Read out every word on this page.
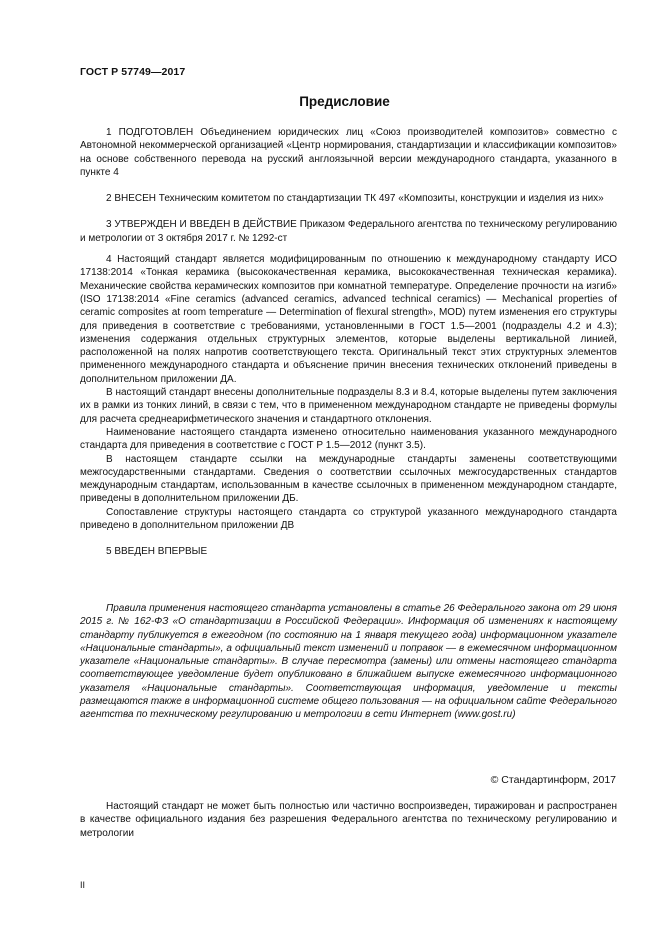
ГОСТ Р 57749—2017
Предисловие

1 ПОДГОТОВЛЕН Объединением юридических лиц «Союз производителей композитов» совместно с Автономной некоммерческой организацией «Центр нормирования, стандартизации и классификации композитов» на основе собственного перевода на русский англоязычной версии международного стандарта, указанного в пункте 4

2 ВНЕСЕН Техническим комитетом по стандартизации ТК 497 «Композиты, конструкции и изделия из них»

3 УТВЕРЖДЕН И ВВЕДЕН В ДЕЙСТВИЕ Приказом Федерального агентства по техническому регулированию и метрологии от 3 октября 2017 г. № 1292-ст

4 Настоящий стандарт является модифицированным по отношению к международному стандарту ИСО 17138:2014 «Тонкая керамика (высококачественная керамика, высококачественная техническая керамика). Механические свойства керамических композитов при комнатной температуре. Определение прочности на изгиб» (ISO 17138:2014 «Fine ceramics (advanced ceramics, advanced technical ceramics) — Mechanical properties of ceramic composites at room temperature — Determination of flexural strength», MOD) путем изменения его структуры для приведения в соответствие с требованиями, установленными в ГОСТ 1.5—2001 (подразделы 4.2 и 4.3); изменения содержания отдельных структурных элементов, которые выделены вертикальной линией, расположенной на полях напротив соответствующего текста. Оригинальный текст этих структурных элементов примененного международного стандарта и объяснение причин внесения технических отклонений приведены в дополнительном приложении ДА.

В настоящий стандарт внесены дополнительные подразделы 8.3 и 8.4, которые выделены путем заключения их в рамки из тонких линий, в связи с тем, что в примененном международном стандарте не приведены формулы для расчета среднеарифметического значения и стандартного отклонения.

Наименование настоящего стандарта изменено относительно наименования указанного международного стандарта для приведения в соответствие с ГОСТ Р 1.5—2012 (пункт 3.5).

В настоящем стандарте ссылки на международные стандарты заменены соответствующими межгосударственными стандартами. Сведения о соответствии ссылочных межгосударственных стандартов международным стандартам, использованным в качестве ссылочных в примененном международном стандарте, приведены в дополнительном приложении ДБ.

Сопоставление структуры настоящего стандарта со структурой указанного международного стандарта приведено в дополнительном приложении ДВ

5 ВВЕДЕН ВПЕРВЫЕ

Правила применения настоящего стандарта установлены в статье 26 Федерального закона от 29 июня 2015 г. № 162-ФЗ «О стандартизации в Российской Федерации». Информация об изменениях к настоящему стандарту публикуется в ежегодном (по состоянию на 1 января текущего года) информационном указателе «Национальные стандарты», а официальный текст изменений и поправок — в ежемесячном информационном указателе «Национальные стандарты». В случае пересмотра (замены) или отмены настоящего стандарта соответствующее уведомление будет опубликовано в ближайшем выпуске ежемесячного информационного указателя «Национальные стандарты». Соответствующая информация, уведомление и тексты размещаются также в информационной системе общего пользования — на официальном сайте Федерального агентства по техническому регулированию и метрологии в сети Интернет (www.gost.ru)

© Стандартинформ, 2017

Настоящий стандарт не может быть полностью или частично воспроизведен, тиражирован и распространен в качестве официального издания без разрешения Федерального агентства по техническому регулированию и метрологии

II
